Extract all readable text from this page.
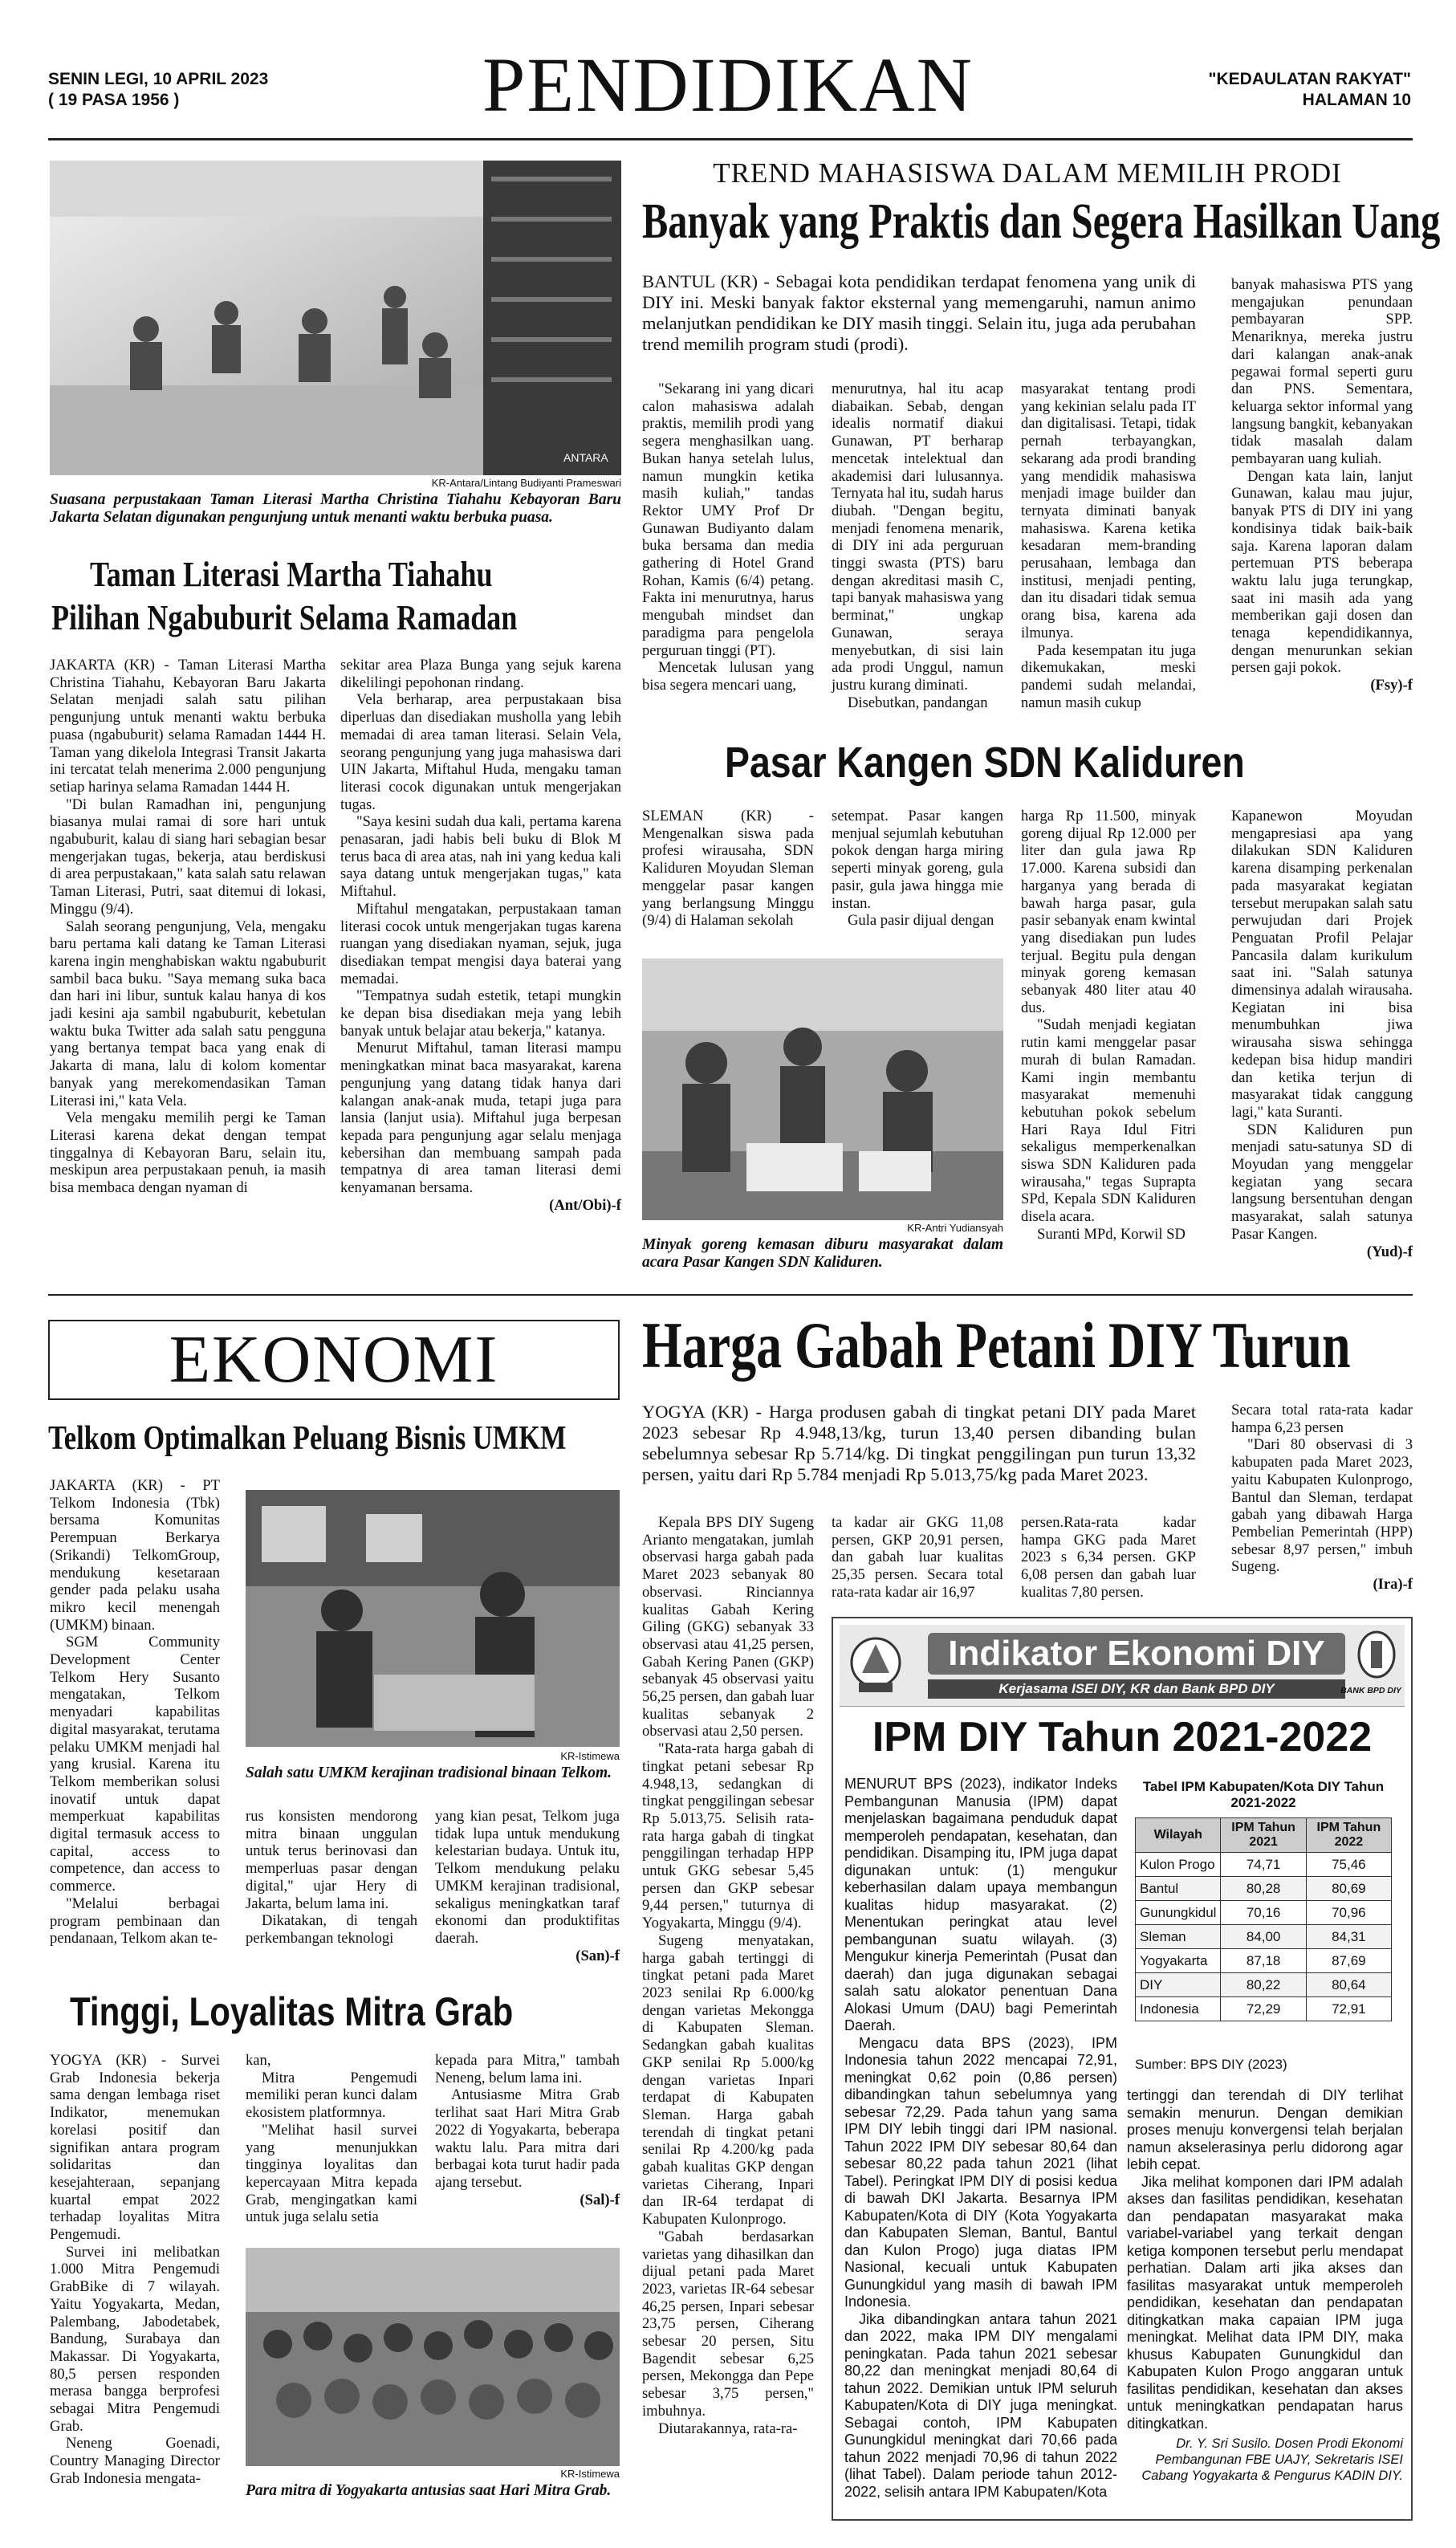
SENIN LEGI, 10 APRIL 2023
( 19 PASA 1956 )	PENDIDIKAN	"KEDAULATAN RAKYAT"
HALAMAN 10
ANTARA
KR-Antara/Lintang Budiyanti Prameswari
Suasana perpustakaan Taman Literasi Martha Christina Tiahahu Kebayoran Baru Jakarta Selatan digunakan pengunjung untuk menanti waktu berbuka puasa.
Taman Literasi Martha Tiahahu
Pilihan Ngabuburit Selama Ramadan

JAKARTA (KR) - Taman Literasi Martha Christina Tiahahu, Kebayoran Baru Jakarta Selatan menjadi salah satu pilihan pengunjung untuk menanti waktu berbuka puasa (ngabuburit) selama Ramadan 1444 H. Taman yang dikelola Integrasi Transit Jakarta ini tercatat telah menerima 2.000 pengunjung setiap harinya selama Ramadan 1444 H.

"Di bulan Ramadhan ini, pengunjung biasanya mulai ramai di sore hari untuk ngabuburit, kalau di siang hari sebagian besar mengerjakan tugas, bekerja, atau berdiskusi di area perpustakaan," kata salah satu relawan Taman Literasi, Putri, saat ditemui di lokasi, Minggu (9/4).

Salah seorang pengunjung, Vela, mengaku baru pertama kali datang ke Taman Literasi karena ingin menghabiskan waktu ngabuburit sambil baca buku. "Saya memang suka baca dan hari ini libur, suntuk kalau hanya di kos jadi kesini aja sambil ngabuburit, kebetulan waktu buka Twitter ada salah satu pengguna yang bertanya tempat baca yang enak di Jakarta di mana, lalu di kolom komentar banyak yang merekomendasikan Taman Literasi ini," kata Vela.

Vela mengaku memilih pergi ke Taman Literasi karena dekat dengan tempat tinggalnya di Kebayoran Baru, selain itu, meskipun area perpustakaan penuh, ia masih bisa membaca dengan nyaman di

sekitar area Plaza Bunga yang sejuk karena dikelilingi pepohonan rindang.

Vela berharap, area perpustakaan bisa diperluas dan disediakan musholla yang lebih memadai di area taman literasi. Selain Vela, seorang pengunjung yang juga mahasiswa dari UIN Jakarta, Miftahul Huda, mengaku taman literasi cocok digunakan untuk mengerjakan tugas.

"Saya kesini sudah dua kali, pertama karena penasaran, jadi habis beli buku di Blok M terus baca di area atas, nah ini yang kedua kali saya datang untuk mengerjakan tugas," kata Miftahul.

Miftahul mengatakan, perpustakaan taman literasi cocok untuk mengerjakan tugas karena ruangan yang disediakan nyaman, sejuk, juga disediakan tempat mengisi daya baterai yang memadai.

"Tempatnya sudah estetik, tetapi mungkin ke depan bisa disediakan meja yang lebih banyak untuk belajar atau bekerja," katanya.

Menurut Miftahul, taman literasi mampu meningkatkan minat baca masyarakat, karena pengunjung yang datang tidak hanya dari kalangan anak-anak muda, tetapi juga para lansia (lanjut usia). Miftahul juga berpesan kepada para pengunjung agar selalu menjaga kebersihan dan membuang sampah pada tempatnya di area taman literasi demi kenyamanan bersama.

(Ant/Obi)-f
TREND MAHASISWA DALAM MEMILIH PRODI
Banyak yang Praktis dan Segera Hasilkan Uang
BANTUL (KR) - Sebagai kota pendidikan terdapat fenomena yang unik di DIY ini. Meski banyak faktor eksternal yang memengaruhi, namun animo melanjutkan pendidikan ke DIY masih tinggi. Selain itu, juga ada perubahan trend memilih program studi (prodi).

"Sekarang ini yang dicari calon mahasiswa adalah praktis, memilih prodi yang segera menghasilkan uang. Bukan hanya setelah lulus, namun mungkin ketika masih kuliah," tandas Rektor UMY Prof Dr Gunawan Budiyanto dalam buka bersama dan media gathering di Hotel Grand Rohan, Kamis (6/4) petang. Fakta ini menurutnya, harus mengubah mindset dan paradigma para pengelola perguruan tinggi (PT).

Mencetak lulusan yang bisa segera mencari uang,

menurutnya, hal itu acap diabaikan. Sebab, dengan idealis normatif diakui Gunawan, PT berharap mencetak intelektual dan akademisi dari lulusannya. Ternyata hal itu, sudah harus diubah. "Dengan begitu, menjadi fenomena menarik, di DIY ini ada perguruan tinggi swasta (PTS) baru dengan akreditasi masih C, tapi banyak mahasiswa yang berminat," ungkap Gunawan, seraya menyebutkan, di sisi lain ada prodi Unggul, namun justru kurang diminati.

Disebutkan, pandangan

masyarakat tentang prodi yang kekinian selalu pada IT dan digitalisasi. Tetapi, tidak pernah terbayangkan, sekarang ada prodi branding yang mendidik mahasiswa menjadi image builder dan ternyata diminati banyak mahasiswa. Karena ketika kesadaran mem-branding perusahaan, lembaga dan institusi, menjadi penting, dan itu disadari tidak semua orang bisa, karena ada ilmunya.

Pada kesempatan itu juga dikemukakan, meski pandemi sudah melandai, namun masih cukup

banyak mahasiswa PTS yang mengajukan penundaan pembayaran SPP. Menariknya, mereka justru dari kalangan anak-anak pegawai formal seperti guru dan PNS. Sementara, keluarga sektor informal yang langsung bangkit, kebanyakan tidak masalah dalam pembayaran uang kuliah.

Dengan kata lain, lanjut Gunawan, kalau mau jujur, banyak PTS di DIY ini yang kondisinya tidak baik-baik saja. Karena laporan dalam pertemuan PTS beberapa waktu lalu juga terungkap, saat ini masih ada yang memberikan gaji dosen dan tenaga kependidikannya, dengan menurunkan sekian persen gaji pokok.

(Fsy)-f
Pasar Kangen SDN Kaliduren

SLEMAN (KR) - Mengenalkan siswa pada profesi wirausaha, SDN Kaliduren Moyudan Sleman menggelar pasar kangen yang berlangsung Minggu (9/4) di Halaman sekolah

setempat. Pasar kangen menjual sejumlah kebutuhan pokok dengan harga miring seperti minyak goreng, gula pasir, gula jawa hingga mie instan.

Gula pasir dijual dengan

KR-Antri Yudiansyah
Minyak goreng kemasan diburu masyarakat dalam acara Pasar Kangen SDN Kaliduren.

harga Rp 11.500, minyak goreng dijual Rp 12.000 per liter dan gula jawa Rp 17.000. Karena subsidi dan harganya yang berada di bawah harga pasar, gula pasir sebanyak enam kwintal yang disediakan pun ludes terjual. Begitu pula dengan minyak goreng kemasan sebanyak 480 liter atau 40 dus.

"Sudah menjadi kegiatan rutin kami menggelar pasar murah di bulan Ramadan. Kami ingin membantu masyarakat memenuhi kebutuhan pokok sebelum Hari Raya Idul Fitri sekaligus memperkenalkan siswa SDN Kaliduren pada wirausaha," tegas Suprapta SPd, Kepala SDN Kaliduren disela acara.

Suranti MPd, Korwil SD

Kapanewon Moyudan mengapresiasi apa yang dilakukan SDN Kaliduren karena disamping perkenalan pada masyarakat kegiatan tersebut merupakan salah satu perwujudan dari Projek Penguatan Profil Pelajar Pancasila dalam kurikulum saat ini. "Salah satunya dimensinya adalah wirausaha. Kegiatan ini bisa menumbuhkan jiwa wirausaha siswa sehingga kedepan bisa hidup mandiri dan ketika terjun di masyarakat tidak canggung lagi," kata Suranti.

SDN Kaliduren pun menjadi satu-satunya SD di Moyudan yang menggelar kegiatan yang secara langsung bersentuhan dengan masyarakat, salah satunya Pasar Kangen.

(Yud)-f
EKONOMI
Telkom Optimalkan Peluang Bisnis UMKM

JAKARTA (KR) - PT Telkom Indonesia (Tbk) bersama Komunitas Perempuan Berkarya (Srikandi) TelkomGroup, mendukung kesetaraan gender pada pelaku usaha mikro kecil menengah (UMKM) binaan.

SGM Community Development Center Telkom Hery Susanto mengatakan, Telkom menyadari kapabilitas digital masyarakat, terutama pelaku UMKM menjadi hal yang krusial. Karena itu Telkom memberikan solusi inovatif untuk dapat memperkuat kapabilitas digital termasuk access to capital, access to competence, dan access to commerce.

"Melalui berbagai program pembinaan dan pendanaan, Telkom akan te-

KR-Istimewa
Salah satu UMKM kerajinan tradisional binaan Telkom.

rus konsisten mendorong mitra binaan unggulan untuk terus berinovasi dan memperluas pasar dengan digital," ujar Hery di Jakarta, belum lama ini.

Dikatakan, di tengah perkembangan teknologi

yang kian pesat, Telkom juga tidak lupa untuk mendukung kelestarian budaya. Untuk itu, Telkom mendukung pelaku UMKM kerajinan tradisional, sekaligus meningkatkan taraf ekonomi dan produktifitas daerah.

(San)-f
Tinggi, Loyalitas Mitra Grab

YOGYA (KR) - Survei Grab Indonesia bekerja sama dengan lembaga riset Indikator, menemukan korelasi positif dan signifikan antara program solidaritas dan kesejahteraan, sepanjang kuartal empat 2022 terhadap loyalitas Mitra Pengemudi.

Survei ini melibatkan 1.000 Mitra Pengemudi GrabBike di 7 wilayah. Yaitu Yogyakarta, Medan, Palembang, Jabodetabek, Bandung, Surabaya dan Makassar. Di Yogyakarta, 80,5 persen responden merasa bangga berprofesi sebagai Mitra Pengemudi Grab.

Neneng Goenadi, Country Managing Director Grab Indonesia mengata-

kan,

Mitra Pengemudi memiliki peran kunci dalam ekosistem platformnya.

"Melihat hasil survei yang menunjukkan tingginya loyalitas dan kepercayaan Mitra kepada Grab, mengingatkan kami untuk juga selalu setia

kepada para Mitra," tambah Neneng, belum lama ini.

Antusiasme Mitra Grab terlihat saat Hari Mitra Grab 2022 di Yogyakarta, beberapa waktu lalu. Para mitra dari berbagai kota turut hadir pada ajang tersebut.

(Sal)-f
KR-Istimewa
Para mitra di Yogyakarta antusias saat Hari Mitra Grab.
Harga Gabah Petani DIY Turun
YOGYA (KR) - Harga produsen gabah di tingkat petani DIY pada Maret 2023 sebesar Rp 4.948,13/kg, turun 13,40 persen dibanding bulan sebelumnya sebesar Rp 5.714/kg. Di tingkat penggilingan pun turun 13,32 persen, yaitu dari Rp 5.784 menjadi Rp 5.013,75/kg pada Maret 2023.

Kepala BPS DIY Sugeng Arianto mengatakan, jumlah observasi harga gabah pada Maret 2023 sebanyak 80 observasi. Rinciannya kualitas Gabah Kering Giling (GKG) sebanyak 33 observasi atau 41,25 persen, Gabah Kering Panen (GKP) sebanyak 45 observasi yaitu 56,25 persen, dan gabah luar kualitas sebanyak 2 observasi atau 2,50 persen.

"Rata-rata harga gabah di tingkat petani sebesar Rp 4.948,13, sedangkan di tingkat penggilingan sebesar Rp 5.013,75. Selisih rata-rata harga gabah di tingkat penggilingan terhadap HPP untuk GKG sebesar 5,45 persen dan GKP sebesar 9,44 persen," tuturnya di Yogyakarta, Minggu (9/4).

Sugeng menyatakan, harga gabah tertinggi di tingkat petani pada Maret 2023 senilai Rp 6.000/kg dengan varietas Mekongga di Kabupaten Sleman. Sedangkan gabah kualitas GKP senilai Rp 5.000/kg dengan varietas Inpari terdapat di Kabupaten Sleman. Harga gabah terendah di tingkat petani senilai Rp 4.200/kg pada gabah kualitas GKP dengan varietas Ciherang, Inpari dan IR-64 terdapat di Kabupaten Kulonprogo.

"Gabah berdasarkan varietas yang dihasilkan dan dijual petani pada Maret 2023, varietas IR-64 sebesar 46,25 persen, Inpari sebesar 23,75 persen, Ciherang sebesar 20 persen, Situ Bagendit sebesar 6,25 persen, Mekongga dan Pepe sebesar 3,75 persen," imbuhnya.

Diutarakannya, rata-ra-

ta kadar air GKG 11,08 persen, GKP 20,91 persen, dan gabah luar kualitas 25,35 persen. Secara total rata-rata kadar air 16,97

persen.Rata-rata kadar hampa GKG pada Maret 2023 s 6,34 persen. GKP 6,08 persen dan gabah luar kualitas 7,80 persen.

Secara total rata-rata kadar hampa 6,23 persen

"Dari 80 observasi di 3 kabupaten pada Maret 2023, yaitu Kabupaten Kulonprogo, Bantul dan Sleman, terdapat gabah yang dibawah Harga Pembelian Pemerintah (HPP) sebesar 8,97 persen," imbuh Sugeng.

(Ira)-f
Indikator Ekonomi DIY
Kerjasama ISEI DIY, KR dan Bank BPD DIY	BANK BPD DIY
IPM DIY Tahun 2021-2022

MENURUT BPS (2023), indikator Indeks Pembangunan Manusia (IPM) dapat menjelaskan bagaimana penduduk dapat memperoleh pendapatan, kesehatan, dan pendidikan. Disamping itu, IPM juga dapat digunakan untuk: (1) mengukur keberhasilan dalam upaya membangun kualitas hidup masyarakat. (2) Menentukan peringkat atau level pembangunan suatu wilayah. (3) Mengukur kinerja Pemerintah (Pusat dan daerah) dan juga digunakan sebagai salah satu alokator penentuan Dana Alokasi Umum (DAU) bagi Pemerintah Daerah.

Mengacu data BPS (2023), IPM Indonesia tahun 2022 mencapai 72,91, meningkat 0,62 poin (0,86 persen) dibandingkan tahun sebelumnya yang sebesar 72,29. Pada tahun yang sama IPM DIY lebih tinggi dari IPM nasional. Tahun 2022 IPM DIY sebesar 80,64 dan sebesar 80,22 pada tahun 2021 (lihat Tabel). Peringkat IPM DIY di posisi kedua di bawah DKI Jakarta. Besarnya IPM Kabupaten/Kota di DIY (Kota Yogyakarta dan Kabupaten Sleman, Bantul, Bantul dan Kulon Progo) juga diatas IPM Nasional, kecuali untuk Kabupaten Gunungkidul yang masih di bawah IPM Indonesia.

Jika dibandingkan antara tahun 2021 dan 2022, maka IPM DIY mengalami peningkatan. Pada tahun 2021 sebesar 80,22 dan meningkat menjadi 80,64 di tahun 2022. Demikian untuk IPM seluruh Kabupaten/Kota di DIY juga meningkat. Sebagai contoh, IPM Kabupaten Gunungkidul meningkat dari 70,66 pada tahun 2022 menjadi 70,96 di tahun 2022 (lihat Tabel). Dalam periode tahun 2012-2022, selisih antara IPM Kabupaten/Kota

Tabel IPM Kabupaten/Kota DIY Tahun 2021-2022
Wilayah	IPM Tahun 2021	IPM Tahun 2022
Kulon Progo	74,71	75,46
Bantul	80,28	80,69
Gunungkidul	70,16	70,96
Sleman	84,00	84,31
Yogyakarta	87,18	87,69
DIY	80,22	80,64
Indonesia	72,29	72,91
Sumber: BPS DIY (2023)

tertinggi dan terendah di DIY terlihat semakin menurun. Dengan demikian proses menuju konvergensi telah berjalan namun akselerasinya perlu didorong agar lebih cepat.

Jika melihat komponen dari IPM adalah akses dan fasilitas pendidikan, kesehatan dan pendapatan masyarakat maka variabel-variabel yang terkait dengan ketiga komponen tersebut perlu mendapat perhatian. Dalam arti jika akses dan fasilitas masyarakat untuk memperoleh pendidikan, kesehatan dan pendapatan ditingkatkan maka capaian IPM juga meningkat. Melihat data IPM DIY, maka khusus Kabupaten Gunungkidul dan Kabupaten Kulon Progo anggaran untuk fasilitas pendidikan, kesehatan dan akses untuk meningkatkan pendapatan harus ditingkatkan.

Dr. Y. Sri Susilo. Dosen Prodi Ekonomi Pembangunan FBE UAJY, Sekretaris ISEI Cabang Yogyakarta & Pengurus KADIN DIY.
